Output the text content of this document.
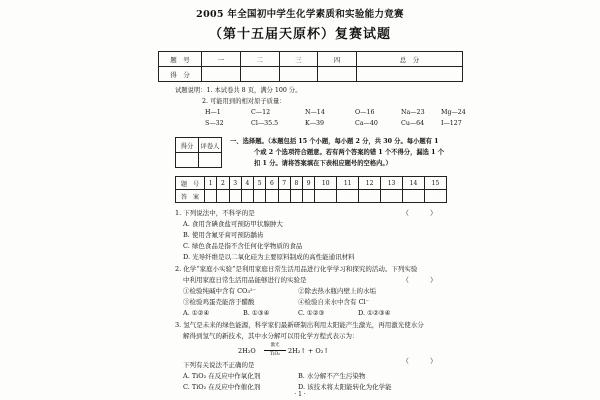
2005 年全国初中学生化学素质和实验能力竞赛
（第十五届天原杯）复赛试题
题　号	一	二	三	四	总　分
得　分					
试题说明：1. 本试卷共 8 页，满分 100 分。
2. 可能用到的相对原子质量：
H—1	C—12	N—14	O—16	Na—23	Mg—24
S—32	Cl—35.5	K—39	Ca—40	Cu—64	I—127
得分	评卷人

一、选择题。（本题包括 15 个小题，每小题 2 分，共 30 分。每小题有 1
个或 2 个选项符合题意。若有两个答案的错 1 个不得分，漏选 1 个
扣 1 分。请将答案填在下表相应题号的空格内。）
题　号	1	2	3	4	5	6	7	8	9	10	11	12	13	14	15
答　案															
1. 下列说法中，不科学的是	（　　　）
A. 食用含碘食盐可预防甲状腺肿大
B. 使用含氟牙膏可预防龋齿
C. 绿色食品是指不含任何化学物质的食品
D. 光导纤维是以二氧化硅为主要原料制成的高性能通讯材料
2. 化学“家庭小实验”是利用家庭日常生活用品进行化学学习和探究的活动。下列实验
中利用家庭日常生活用品能够进行的实验是	（　　　）
①检验纯碱中含有 CO₃²⁻	②除去热水瓶内壁上的水垢
③检验鸡蛋壳能溶于醋酸	④检验自来水中含有 Cl⁻
A. ①②④	B. ①③④	C. ①②③	D. ①②③④
3. 氢气是未来的绿色能源，科学家们最新研制出利用太阳能产生激光，再用激光使水分
解得到氢气的新技术，其中水分解可以用化学方程式表示为：
2H₂O
激光
TiO₂	2H₂↑ + O₂↑
下列有关说法不正确的是	（　　　）
A. TiO₂ 在反应中作氧化剂	B. 水分解不产生污染物
C. TiO₂ 在反应中作催化剂	D. 该技术将太阳能转化为化学能
· 1 ·
